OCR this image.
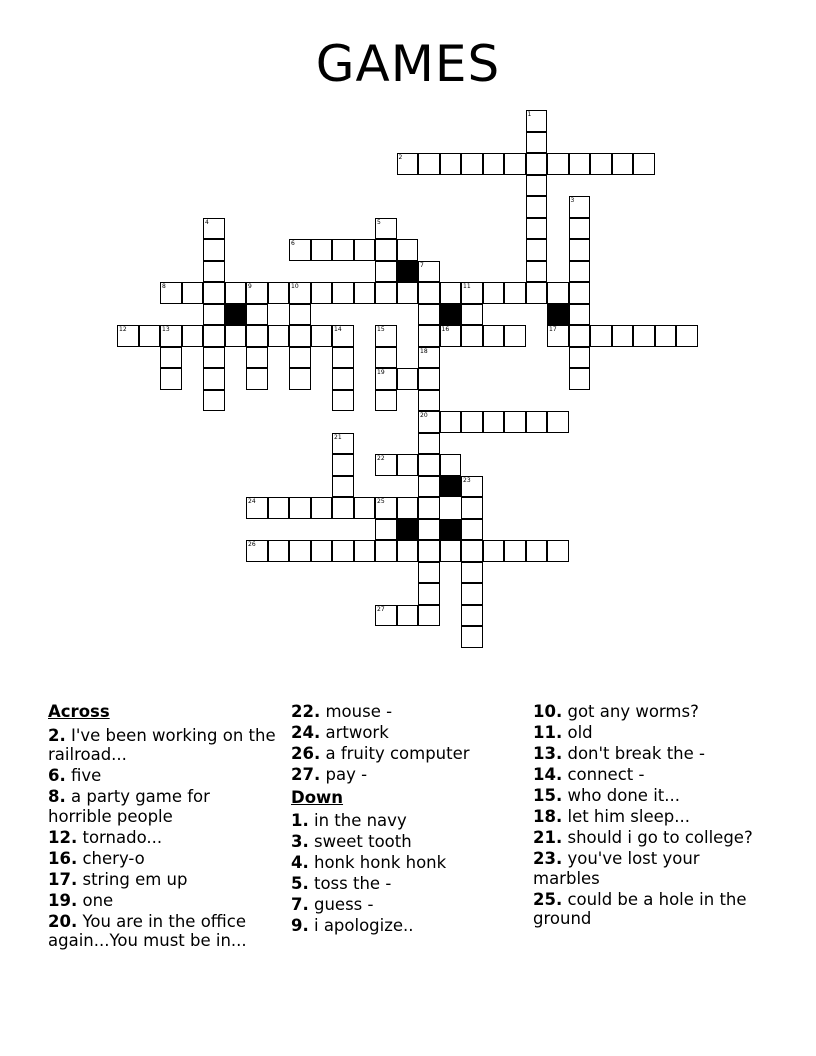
GAMES
2
6
8	9	10	11
12	13	14	16	17
19
20
22
24	25
26
27
1
3
4	5
7
15
18
21
23
Across
2. I've been working on the railroad...
6. five
8. a party game for horrible people
12. tornado...
16. chery-o
17. string em up
19. one
20. You are in the office again...You must be in...
22. mouse -
24. artwork
26. a fruity computer
27. pay -
Down
1. in the navy
3. sweet tooth
4. honk honk honk
5. toss the -
7. guess -
9. i apologize..
10. got any worms?
11. old
13. don't break the -
14. connect -
15. who done it...
18. let him sleep...
21. should i go to college?
23. you've lost your marbles
25. could be a hole in the ground
